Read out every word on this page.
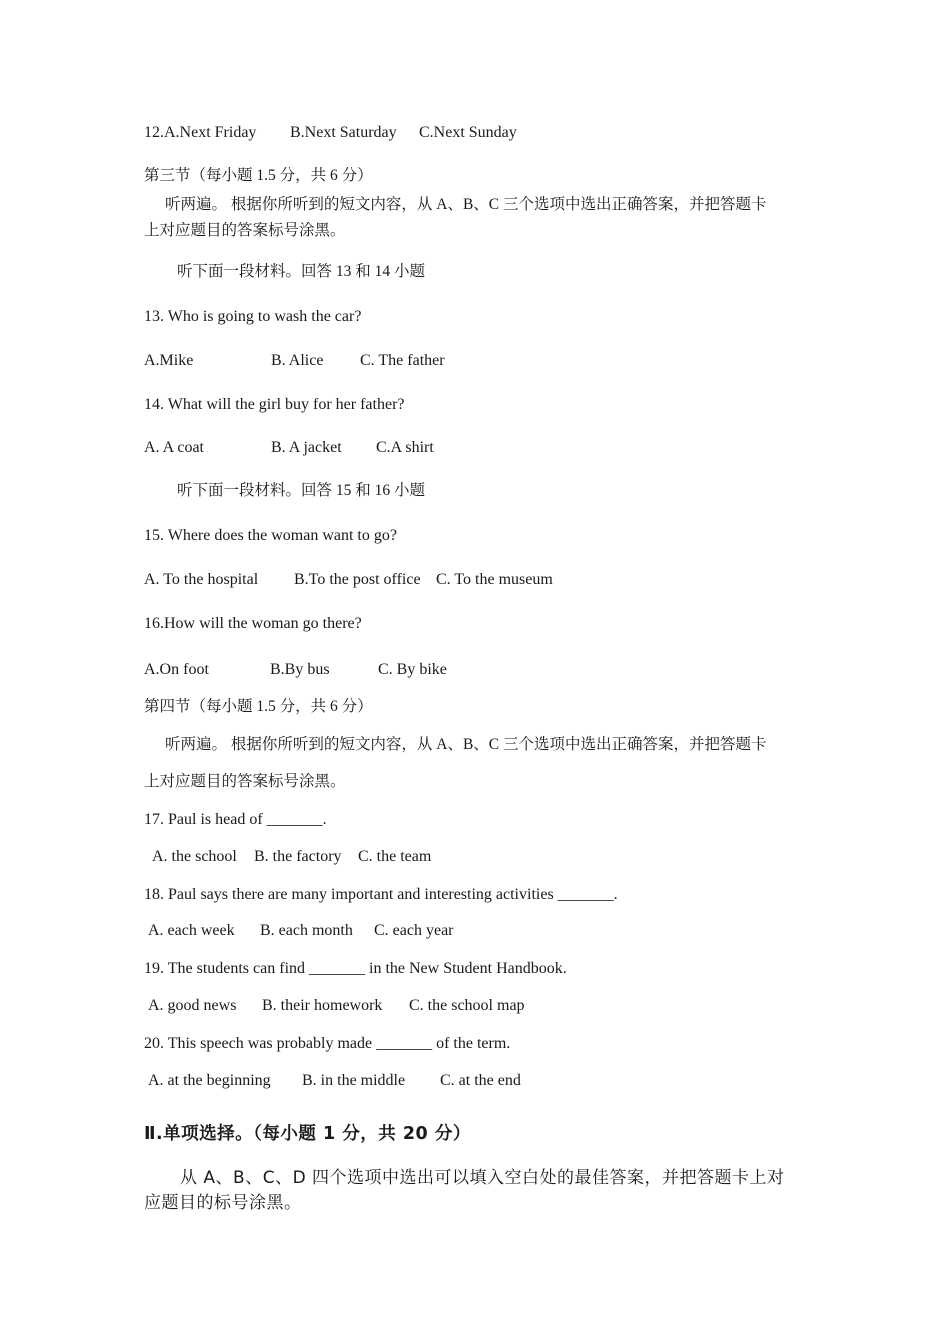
12.A.Next Friday B.Next Saturday C.Next Sunday
第三节（每小题 1.5 分，共 6 分）
听两遍。 根据你所听到的短文内容，从 A、B、C 三个选项中选出正确答案，并把答题卡
上对应题目的答案标号涂黑。
听下面一段材料。回答 13 和 14 小题
13. Who is going to wash the car?
A.Mike	B. Alice C. The father
14. What will the girl buy for her father?
A. A coat	B. A jacket C.A shirt
听下面一段材料。回答 15 和 16 小题
15. Where does the woman want to go?
A. To the hospital B.To the post office C. To the museum
16.How will the woman go there?
A.On foot	B.By bus	C. By bike
第四节（每小题 1.5 分，共 6 分）
听两遍。 根据你所听到的短文内容，从 A、B、C 三个选项中选出正确答案，并把答题卡
上对应题目的答案标号涂黑。
17. Paul is head of _______.
A. the school B. the factory C. the team
18. Paul says there are many important and interesting activities _______.
A. each week B. each month C. each year
19. The students can find _______ in the New Student Handbook.
A. good news B. their homework C. the school map
20. This speech was probably made _______ of the term.
A. at the beginning B. in the middle C. at the end
Ⅱ.单项选择。（每小题 1 分，共 20 分）
从 A、B、C、D 四个选项中选出可以填入空白处的最佳答案，并把答题卡上对
应题目的标号涂黑。
